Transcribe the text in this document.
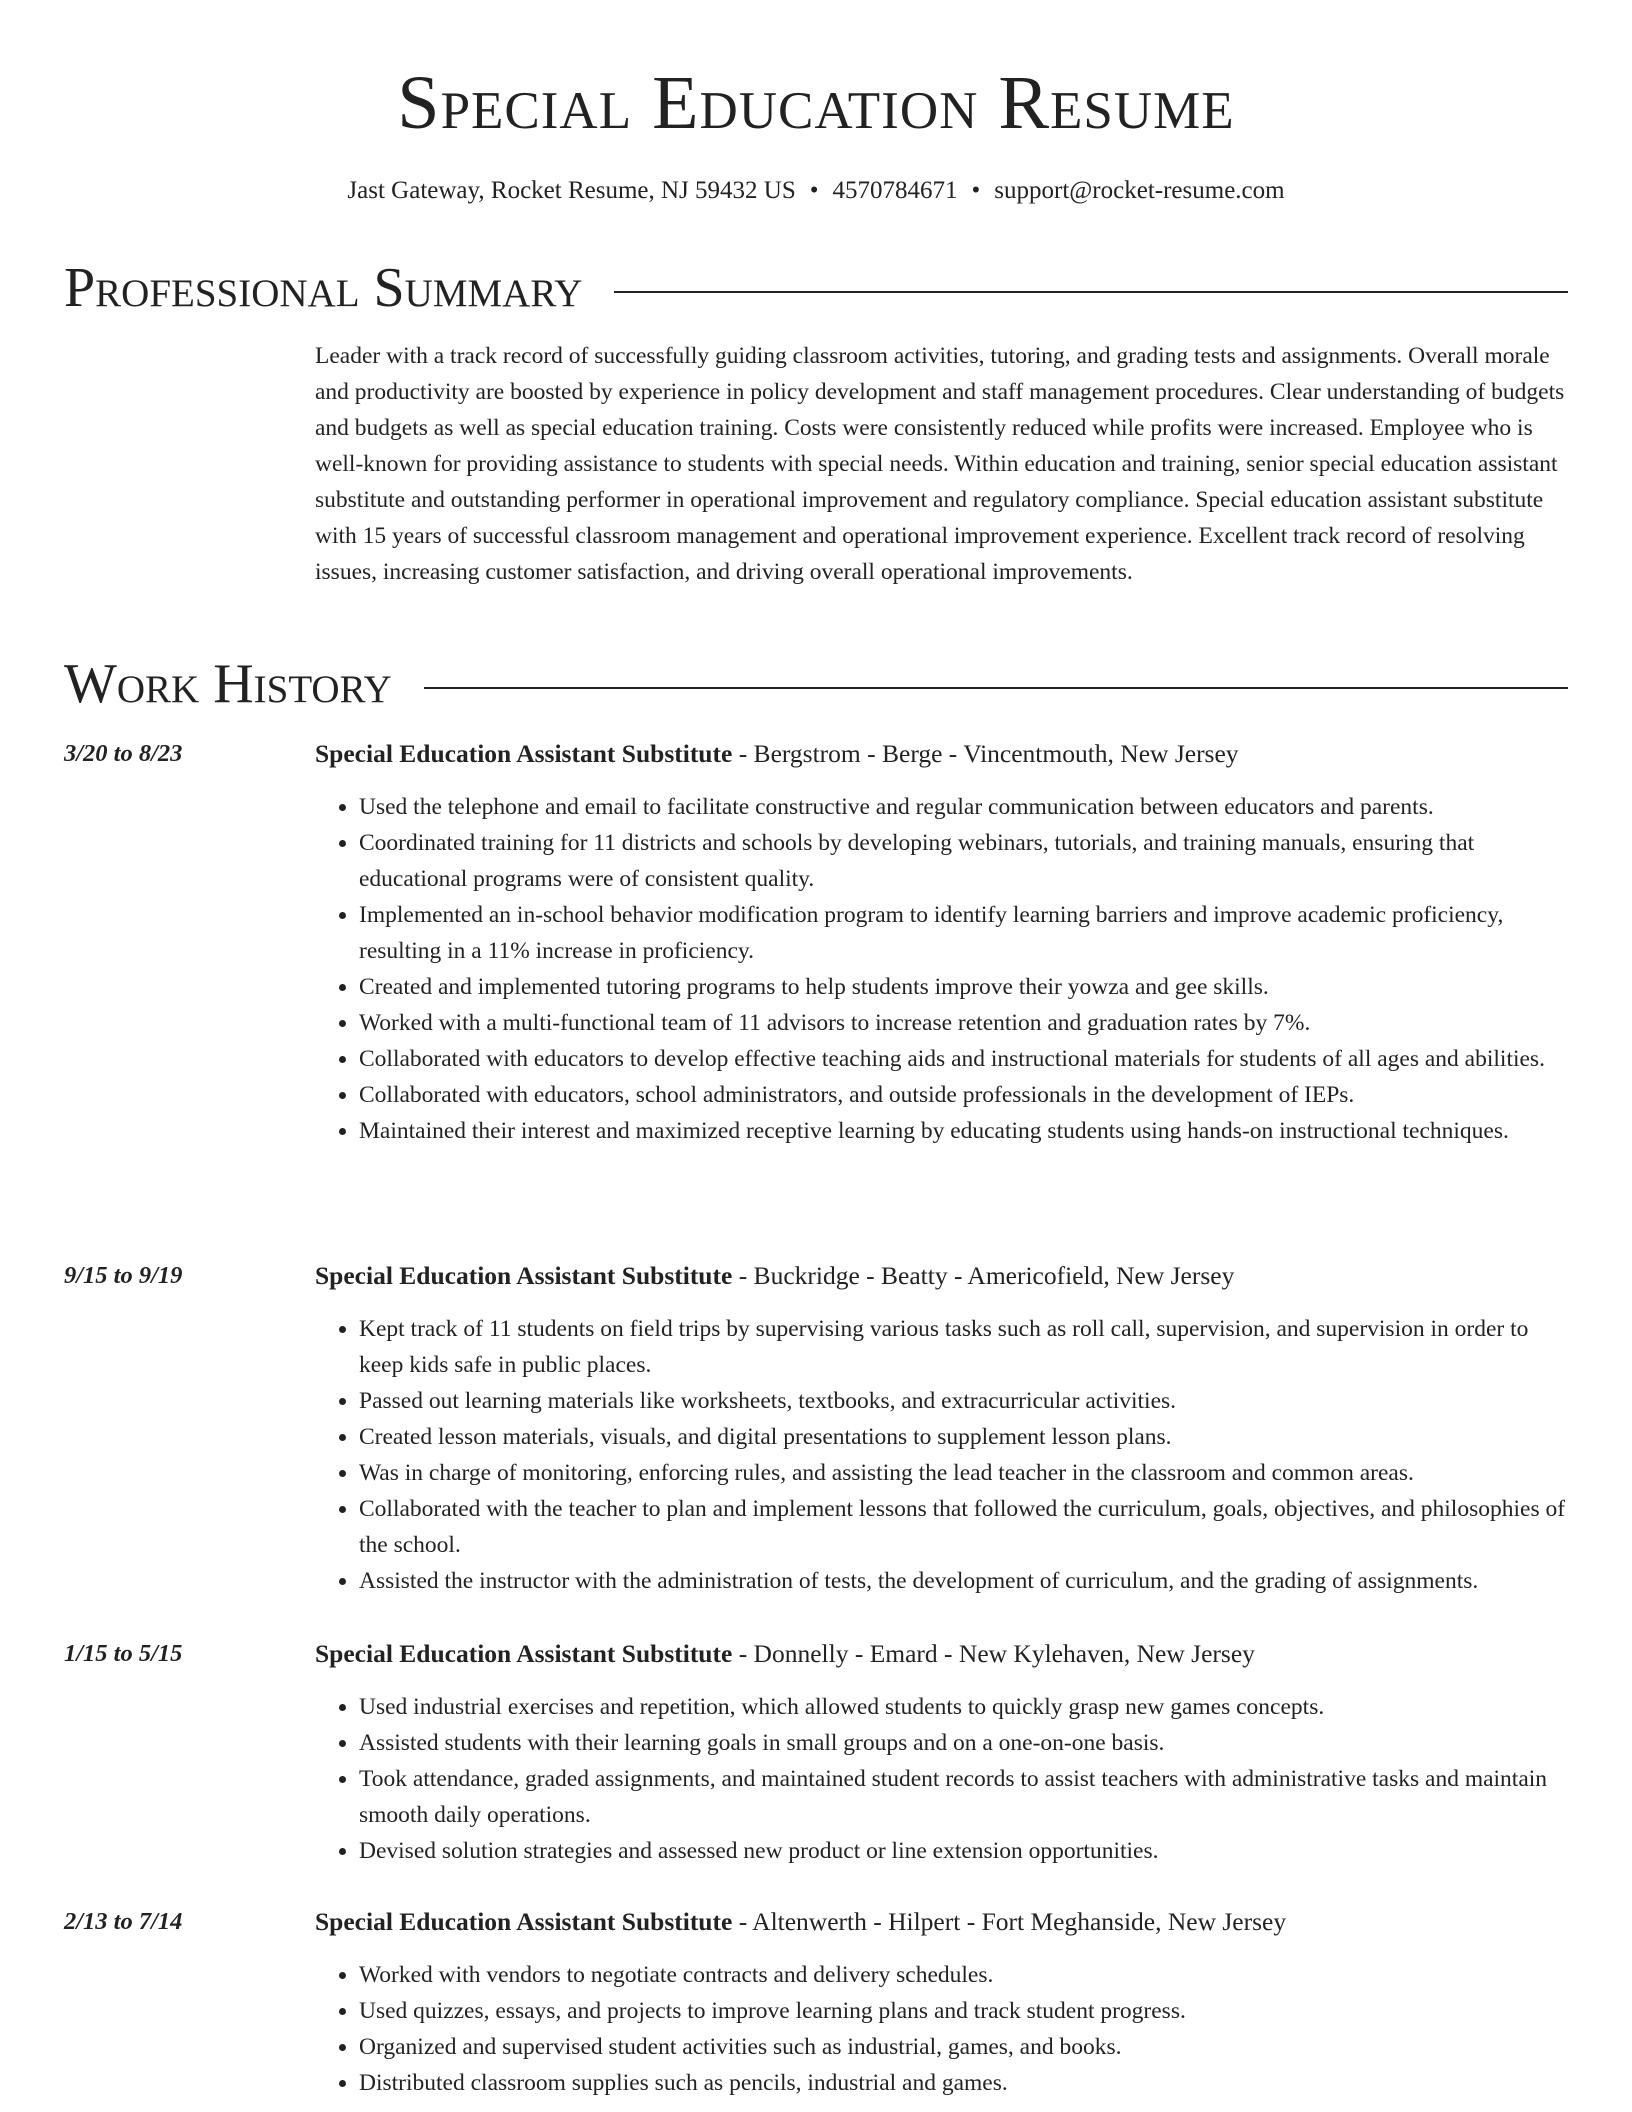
Special Education Resume
Jast Gateway, Rocket Resume, NJ 59432 US • 4570784671 • support@rocket-resume.com
Professional Summary

Leader with a track record of successfully guiding classroom activities, tutoring, and grading tests and assignments. Overall morale and productivity are boosted by experience in policy development and staff management procedures. Clear understanding of budgets and budgets as well as special education training. Costs were consistently reduced while profits were increased. Employee who is well-known for providing assistance to students with special needs. Within education and training, senior special education assistant substitute and outstanding performer in operational improvement and regulatory compliance. Special education assistant substitute with 15 years of successful classroom management and operational improvement experience. Excellent track record of resolving issues, increasing customer satisfaction, and driving overall operational improvements.

Work History
3/20 to 8/23	Special Education Assistant Substitute - Bergstrom - Berge - Vincentmouth, New Jersey
• Used the telephone and email to facilitate constructive and regular communication between educators and parents.
• Coordinated training for 11 districts and schools by developing webinars, tutorials, and training manuals, ensuring that educational programs were of consistent quality.
• Implemented an in-school behavior modification program to identify learning barriers and improve academic proficiency, resulting in a 11% increase in proficiency.
• Created and implemented tutoring programs to help students improve their yowza and gee skills.
• Worked with a multi-functional team of 11 advisors to increase retention and graduation rates by 7%.
• Collaborated with educators to develop effective teaching aids and instructional materials for students of all ages and abilities.
• Collaborated with educators, school administrators, and outside professionals in the development of IEPs.
• Maintained their interest and maximized receptive learning by educating students using hands-on instructional techniques.
9/15 to 9/19	Special Education Assistant Substitute - Buckridge - Beatty - Americofield, New Jersey
• Kept track of 11 students on field trips by supervising various tasks such as roll call, supervision, and supervision in order to keep kids safe in public places.
• Passed out learning materials like worksheets, textbooks, and extracurricular activities.
• Created lesson materials, visuals, and digital presentations to supplement lesson plans.
• Was in charge of monitoring, enforcing rules, and assisting the lead teacher in the classroom and common areas.
• Collaborated with the teacher to plan and implement lessons that followed the curriculum, goals, objectives, and philosophies of the school.
• Assisted the instructor with the administration of tests, the development of curriculum, and the grading of assignments.
1/15 to 5/15	Special Education Assistant Substitute - Donnelly - Emard - New Kylehaven, New Jersey
• Used industrial exercises and repetition, which allowed students to quickly grasp new games concepts.
• Assisted students with their learning goals in small groups and on a one-on-one basis.
• Took attendance, graded assignments, and maintained student records to assist teachers with administrative tasks and maintain smooth daily operations.
• Devised solution strategies and assessed new product or line extension opportunities.
2/13 to 7/14	Special Education Assistant Substitute - Altenwerth - Hilpert - Fort Meghanside, New Jersey
• Worked with vendors to negotiate contracts and delivery schedules.
• Used quizzes, essays, and projects to improve learning plans and track student progress.
• Organized and supervised student activities such as industrial, games, and books.
• Distributed classroom supplies such as pencils, industrial and games.
